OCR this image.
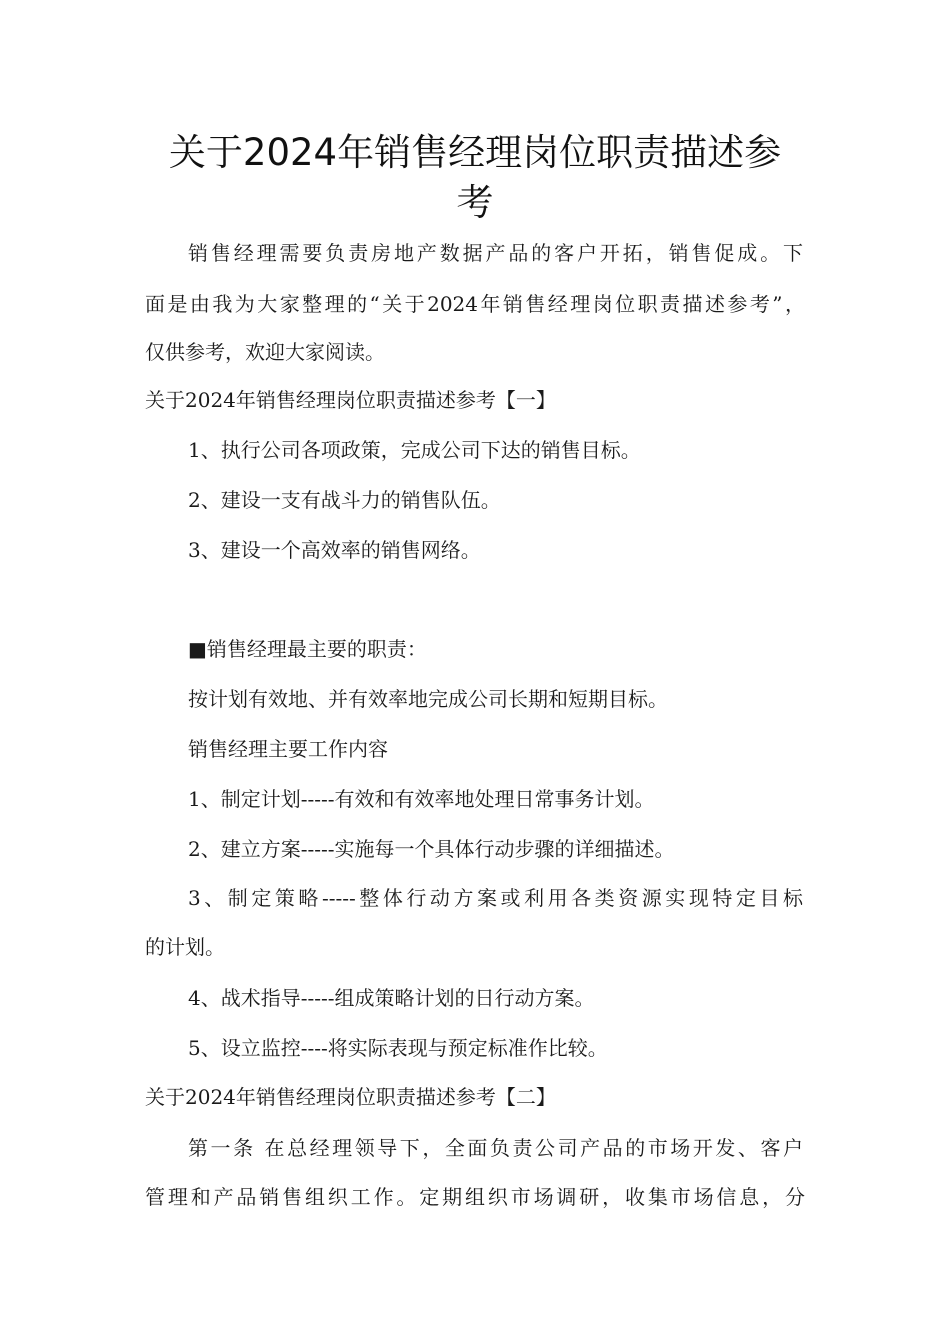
关于2024年销售经理岗位职责描述参
考
销售经理需要负责房地产数据产品的客户开拓，销售促成。下
面是由我为大家整理的“关于2024年销售经理岗位职责描述参考”，
仅供参考，欢迎大家阅读。
关于2024年销售经理岗位职责描述参考【一】
1、执行公司各项政策，完成公司下达的销售目标。
2、建设一支有战斗力的销售队伍。
3、建设一个高效率的销售网络。
■销售经理最主要的职责：
按计划有效地、并有效率地完成公司长期和短期目标。
销售经理主要工作内容
1、制定计划-----有效和有效率地处理日常事务计划。
2、建立方案-----实施每一个具体行动步骤的详细描述。
3、制定策略-----整体行动方案或利用各类资源实现特定目标
的计划。
4、战术指导-----组成策略计划的日行动方案。
5、设立监控----将实际表现与预定标准作比较。
关于2024年销售经理岗位职责描述参考【二】
第一条 在总经理领导下，全面负责公司产品的市场开发、客户
管理和产品销售组织工作。定期组织市场调研，收集市场信息，分
